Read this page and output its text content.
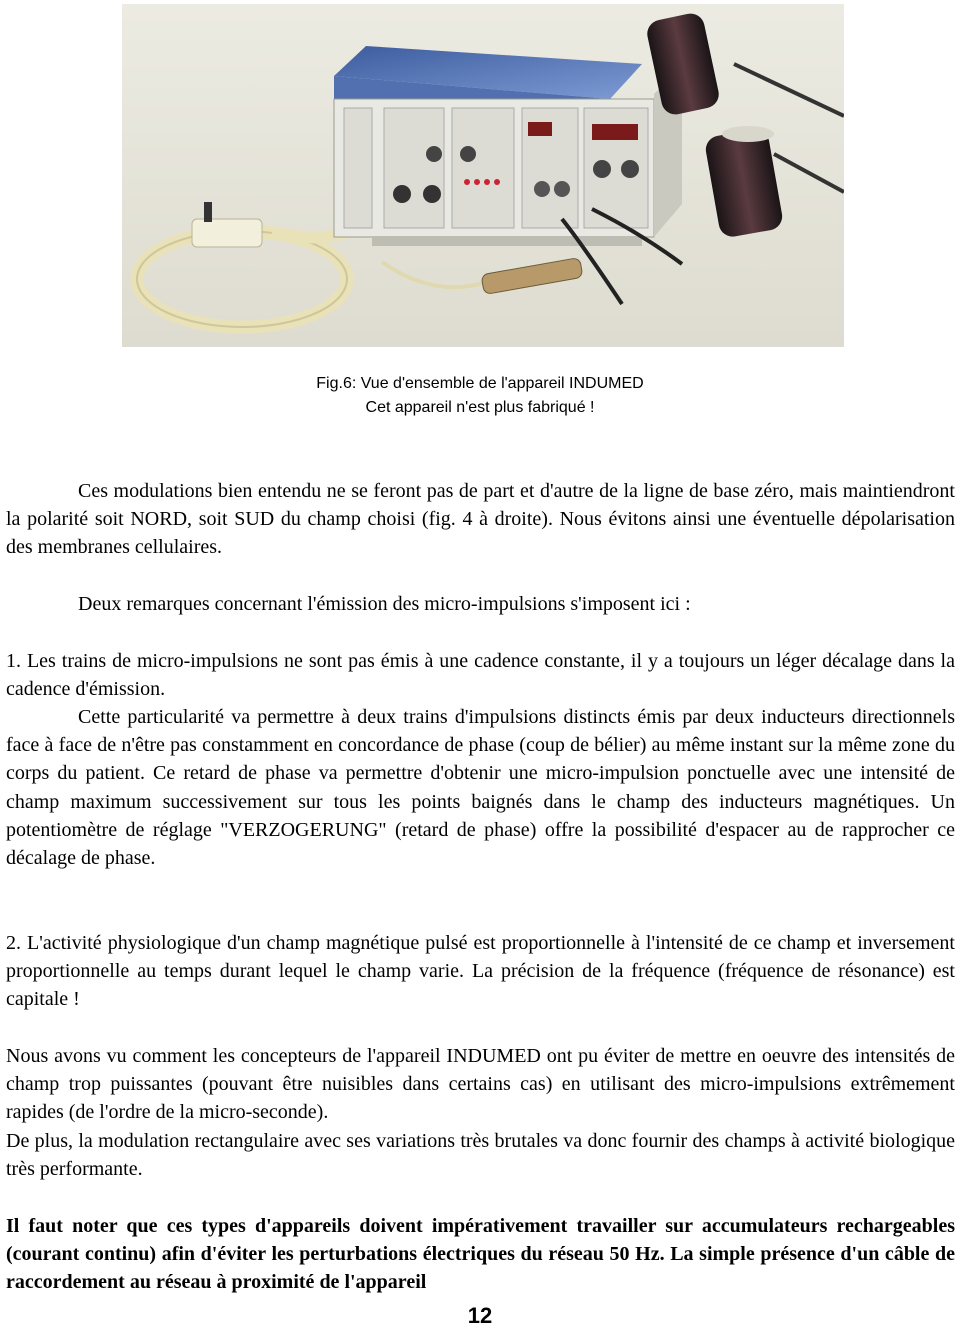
Fig.6: Vue d'ensemble de l'appareil INDUMED
Cet appareil n'est plus fabriqué !

Ces modulations bien entendu ne se feront pas de part et d'autre de la ligne de base zéro, mais maintiendront la polarité soit NORD, soit SUD du champ choisi (fig. 4 à droite). Nous évitons ainsi une éventuelle dépolarisation des membranes cellulaires.

Deux remarques concernant l'émission des micro-impulsions s'imposent ici :

1. Les trains de micro-impulsions ne sont pas émis à une cadence constante, il y a toujours un léger décalage dans la cadence d'émission.

Cette particularité va permettre à deux trains d'impulsions distincts émis par deux inducteurs directionnels face à face de n'être pas constamment en concordance de phase (coup de bélier) au même instant sur la même zone du corps du patient. Ce retard de phase va permettre d'obtenir une micro-impulsion ponctuelle avec une intensité de champ maximum successivement sur tous les points baignés dans le champ des inducteurs magnétiques. Un potentiomètre de réglage "VERZOGERUNG" (retard de phase) offre la possibilité d'espacer au de rapprocher ce décalage de phase.

2. L'activité physiologique d'un champ magnétique pulsé est proportionnelle à l'intensité de ce champ et inversement proportionnelle au temps durant lequel le champ varie. La précision de la fréquence (fréquence de résonance) est capitale !

Nous avons vu comment les concepteurs de l'appareil INDUMED ont pu éviter de mettre en oeuvre des intensités de champ trop puissantes (pouvant être nuisibles dans certains cas) en utilisant des micro-impulsions extrêmement rapides (de l'ordre de la micro-seconde).

De plus, la modulation rectangulaire avec ses variations très brutales va donc fournir des champs à activité biologique très performante.

Il faut noter que ces types d'appareils doivent impérativement travailler sur accumulateurs rechargeables (courant continu) afin d'éviter les perturbations électriques du réseau 50 Hz. La simple présence d'un câble de raccordement au réseau à proximité de l'appareil

12
